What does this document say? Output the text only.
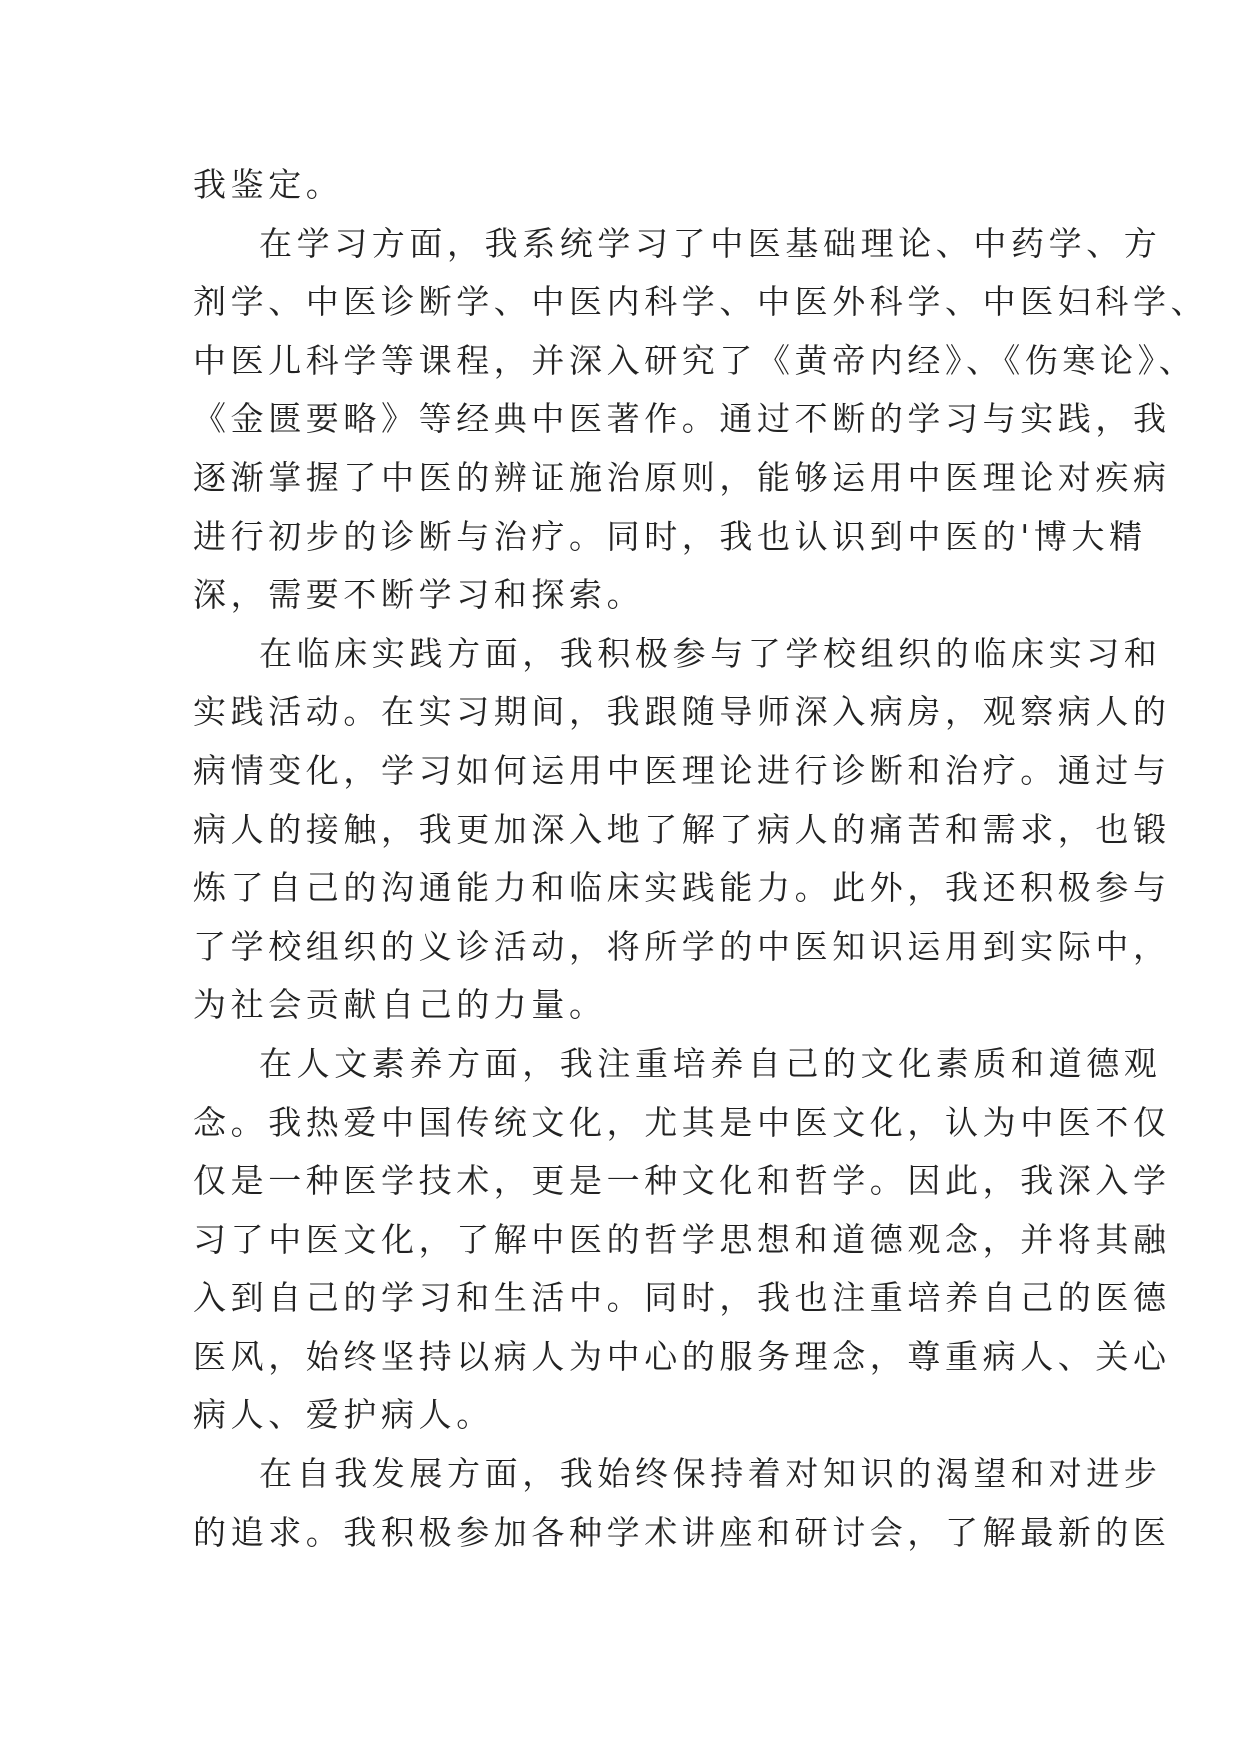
我鉴定。
在学习方面，我系统学习了中医基础理论、中药学、方
剂学、中医诊断学、中医内科学、中医外科学、中医妇科学、
中医儿科学等课程，并深入研究了《黄帝内经》、《伤寒论》、
《金匮要略》等经典中医著作。通过不断的学习与实践，我
逐渐掌握了中医的辨证施治原则，能够运用中医理论对疾病
进行初步的诊断与治疗。同时，我也认识到中医的'博大精
深，需要不断学习和探索。
在临床实践方面，我积极参与了学校组织的临床实习和
实践活动。在实习期间，我跟随导师深入病房，观察病人的
病情变化，学习如何运用中医理论进行诊断和治疗。通过与
病人的接触，我更加深入地了解了病人的痛苦和需求，也锻
炼了自己的沟通能力和临床实践能力。此外，我还积极参与
了学校组织的义诊活动，将所学的中医知识运用到实际中，
为社会贡献自己的力量。
在人文素养方面，我注重培养自己的文化素质和道德观
念。我热爱中国传统文化，尤其是中医文化，认为中医不仅
仅是一种医学技术，更是一种文化和哲学。因此，我深入学
习了中医文化，了解中医的哲学思想和道德观念，并将其融
入到自己的学习和生活中。同时，我也注重培养自己的医德
医风，始终坚持以病人为中心的服务理念，尊重病人、关心
病人、爱护病人。
在自我发展方面，我始终保持着对知识的渴望和对进步
的追求。我积极参加各种学术讲座和研讨会，了解最新的医
